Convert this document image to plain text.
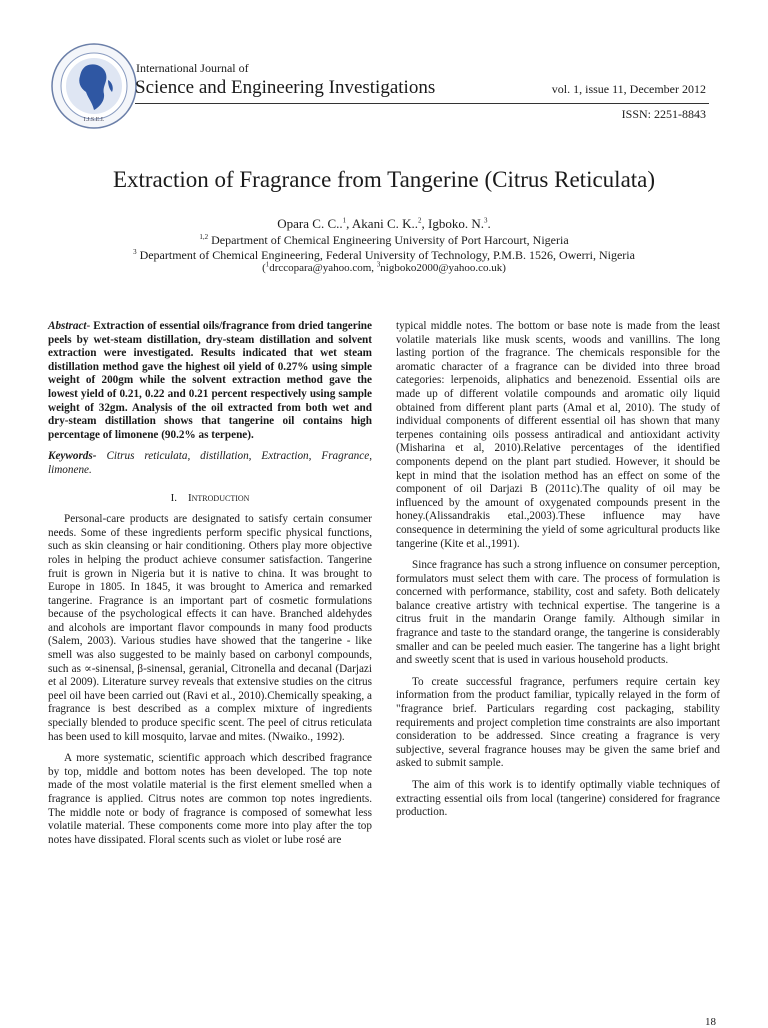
I.J.S.E.I.
International Journal of
Science and Engineering Investigations	vol. 1, issue 11, December 2012
ISSN: 2251-8843
Extraction of Fragrance from Tangerine (Citrus Reticulata)
Opara C. C..$^1$, Akani C. K..$^2$, Igboko. N.$^3$.
$^{1,2}$ Department of Chemical Engineering University of Port Harcourt, Nigeria
$^3$ Department of Chemical Engineering, Federal University of Technology, P.M.B. 1526, Owerri, Nigeria
($^1$drccopara@yahoo.com, $^3$nigboko2000@yahoo.co.uk)

Abstract- Extraction of essential oils/fragrance from dried tangerine peels by wet-steam distillation, dry-steam distillation and solvent extraction were investigated. Results indicated that wet steam distillation method gave the highest oil yield of 0.27% using simple weight of 200gm while the solvent extraction method gave the lowest yield of 0.21, 0.22 and 0.21 percent respectively using sample weight of 32gm. Analysis of the oil extracted from both wet and dry-steam distillation shows that tangerine oil contains high percentage of limonene (90.2% as terpene).

Keywords- Citrus reticulata, distillation, Extraction, Fragrance, limonene.

I. Introduction

Personal-care products are designated to satisfy certain consumer needs. Some of these ingredients perform specific physical functions, such as skin cleansing or hair conditioning. Others play more objective roles in helping the product achieve consumer satisfaction. Tangerine fruit is grown in Nigeria but it is native to china. It was brought to Europe in 1805. In 1845, it was brought to America and remarked tangerine. Fragrance is an important part of cosmetic formulations because of the psychological effects it can have. Branched aldehydes and alcohols are important flavor compounds in many food products (Salem, 2003). Various studies have showed that the tangerine - like smell was also suggested to be mainly based on carbonyl compounds, such as ∝-sinensal, β-sinensal, geranial, Citronella and decanal (Darjazi et al 2009). Literature survey reveals that extensive studies on the citrus peel oil have been carried out (Ravi et al., 2010).Chemically speaking, a fragrance is best described as a complex mixture of ingredients specially blended to produce specific scent. The peel of citrus reticulata has been used to kill mosquito, larvae and mites. (Nwaiko., 1992).

A more systematic, scientific approach which described fragrance by top, middle and bottom notes has been developed. The top note made of the most volatile material is the first element smelled when a fragrance is applied. Citrus notes are common top notes ingredients. The middle note or body of fragrance is composed of somewhat less volatile material. These components come more into play after the top notes have dissipated. Floral scents such as violet or lube rosé are

typical middle notes. The bottom or base note is made from the least volatile materials like musk scents, woods and vanillins. The long lasting portion of the fragrance. The chemicals responsible for the aromatic character of a fragrance can be divided into three broad categories: lerpenoids, aliphatics and benezenoid. Essential oils are made up of different volatile compounds and aromatic oily liquid obtained from different plant parts (Amal et al, 2010). The study of individual components of different essential oil has shown that many terpenes containing oils possess antiradical and antioxidant activity (Misharina et al, 2010).Relative percentages of the identified components depend on the plant part studied. However, it should be kept in mind that the isolation method has an effect on some of the component of oil Darjazi B (2011c).The quality of oil may be influenced by the amount of oxygenated compounds present in the honey.(Alissandrakis etal.,2003).These influence may have consequence in determining the yield of some agricultural products like tangerine (Kite et al.,1991).

Since fragrance has such a strong influence on consumer perception, formulators must select them with care. The process of formulation is concerned with performance, stability, cost and safety. Both delicately balance creative artistry with technical expertise. The tangerine is a citrus fruit in the mandarin Orange family. Although similar in fragrance and taste to the standard orange, the tangerine is considerably smaller and can be peeled much easier. The tangerine has a light bright and sweetly scent that is used in various household products.

To create successful fragrance, perfumers require certain key information from the product familiar, typically relayed in the form of "fragrance brief. Particulars regarding cost packaging, stability requirements and project completion time constraints are also important consideration to be addressed. Since creating a fragrance is very subjective, several fragrance houses may be given the same brief and asked to submit sample.

The aim of this work is to identify optimally viable techniques of extracting essential oils from local (tangerine) considered for fragrance production.

18
